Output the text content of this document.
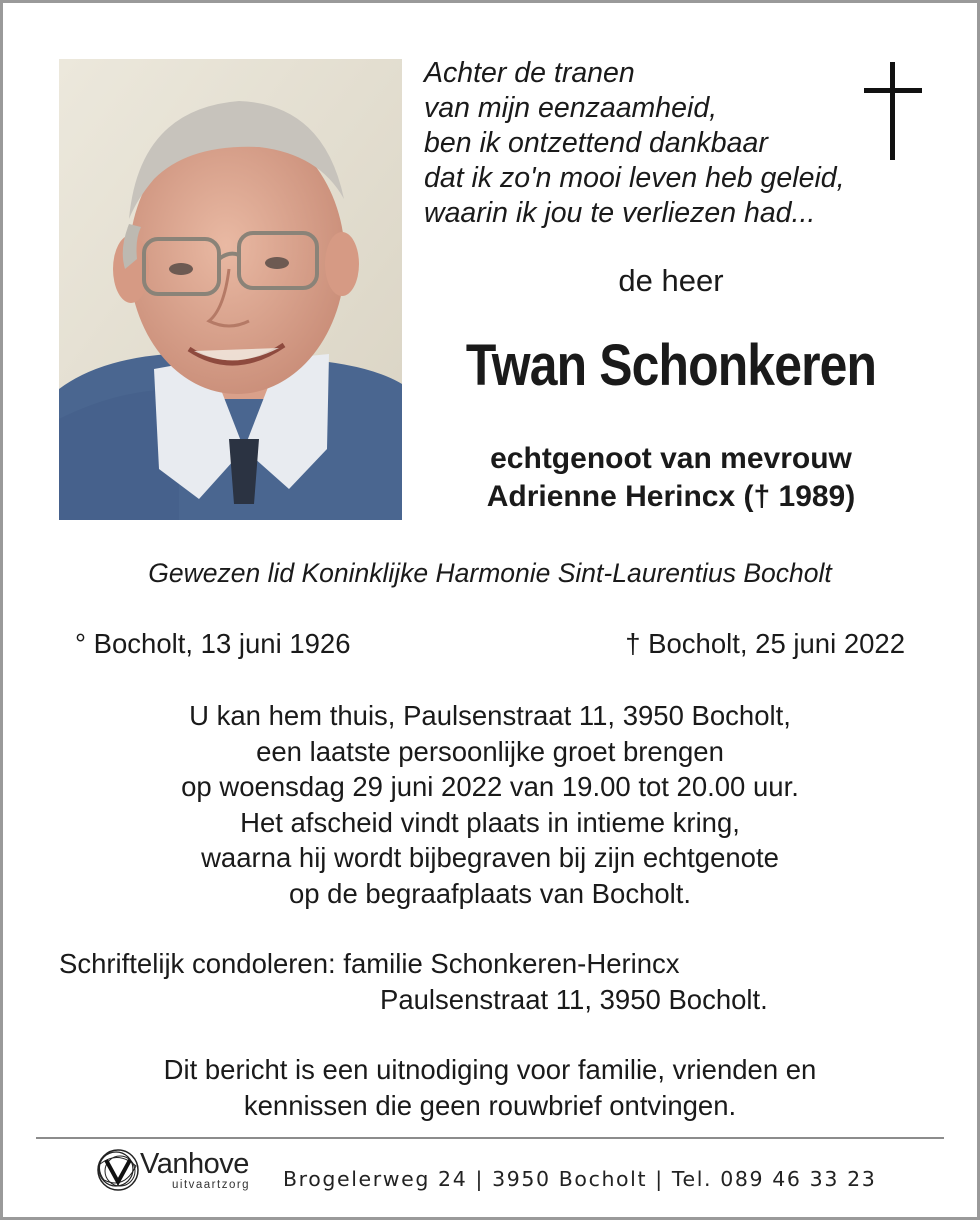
Achter de tranen
van mijn eenzaamheid,
ben ik ontzettend dankbaar
dat ik zo'n mooi leven heb geleid,
waarin ik jou te verliezen had...
de heer
Twan Schonkeren
echtgenoot van mevrouw
Adrienne Herincx († 1989)
Gewezen lid Koninklijke Harmonie Sint-Laurentius Bocholt
° Bocholt, 13 juni 1926	† Bocholt, 25 juni 2022
U kan hem thuis, Paulsenstraat 11, 3950 Bocholt,
een laatste persoonlijke groet brengen
op woensdag 29 juni 2022 van 19.00 tot 20.00 uur.
Het afscheid vindt plaats in intieme kring,
waarna hij wordt bijbegraven bij zijn echtgenote
op de begraafplaats van Bocholt.
Schriftelijk condoleren: familie Schonkeren-Herincx
Paulsenstraat 11, 3950 Bocholt.
Dit bericht is een uitnodiging voor familie, vrienden en
kennissen die geen rouwbrief ontvingen.
Vanhove
uitvaartzorg Brogelerweg 24 | 3950 Bocholt | Tel. 089 46 33 23
